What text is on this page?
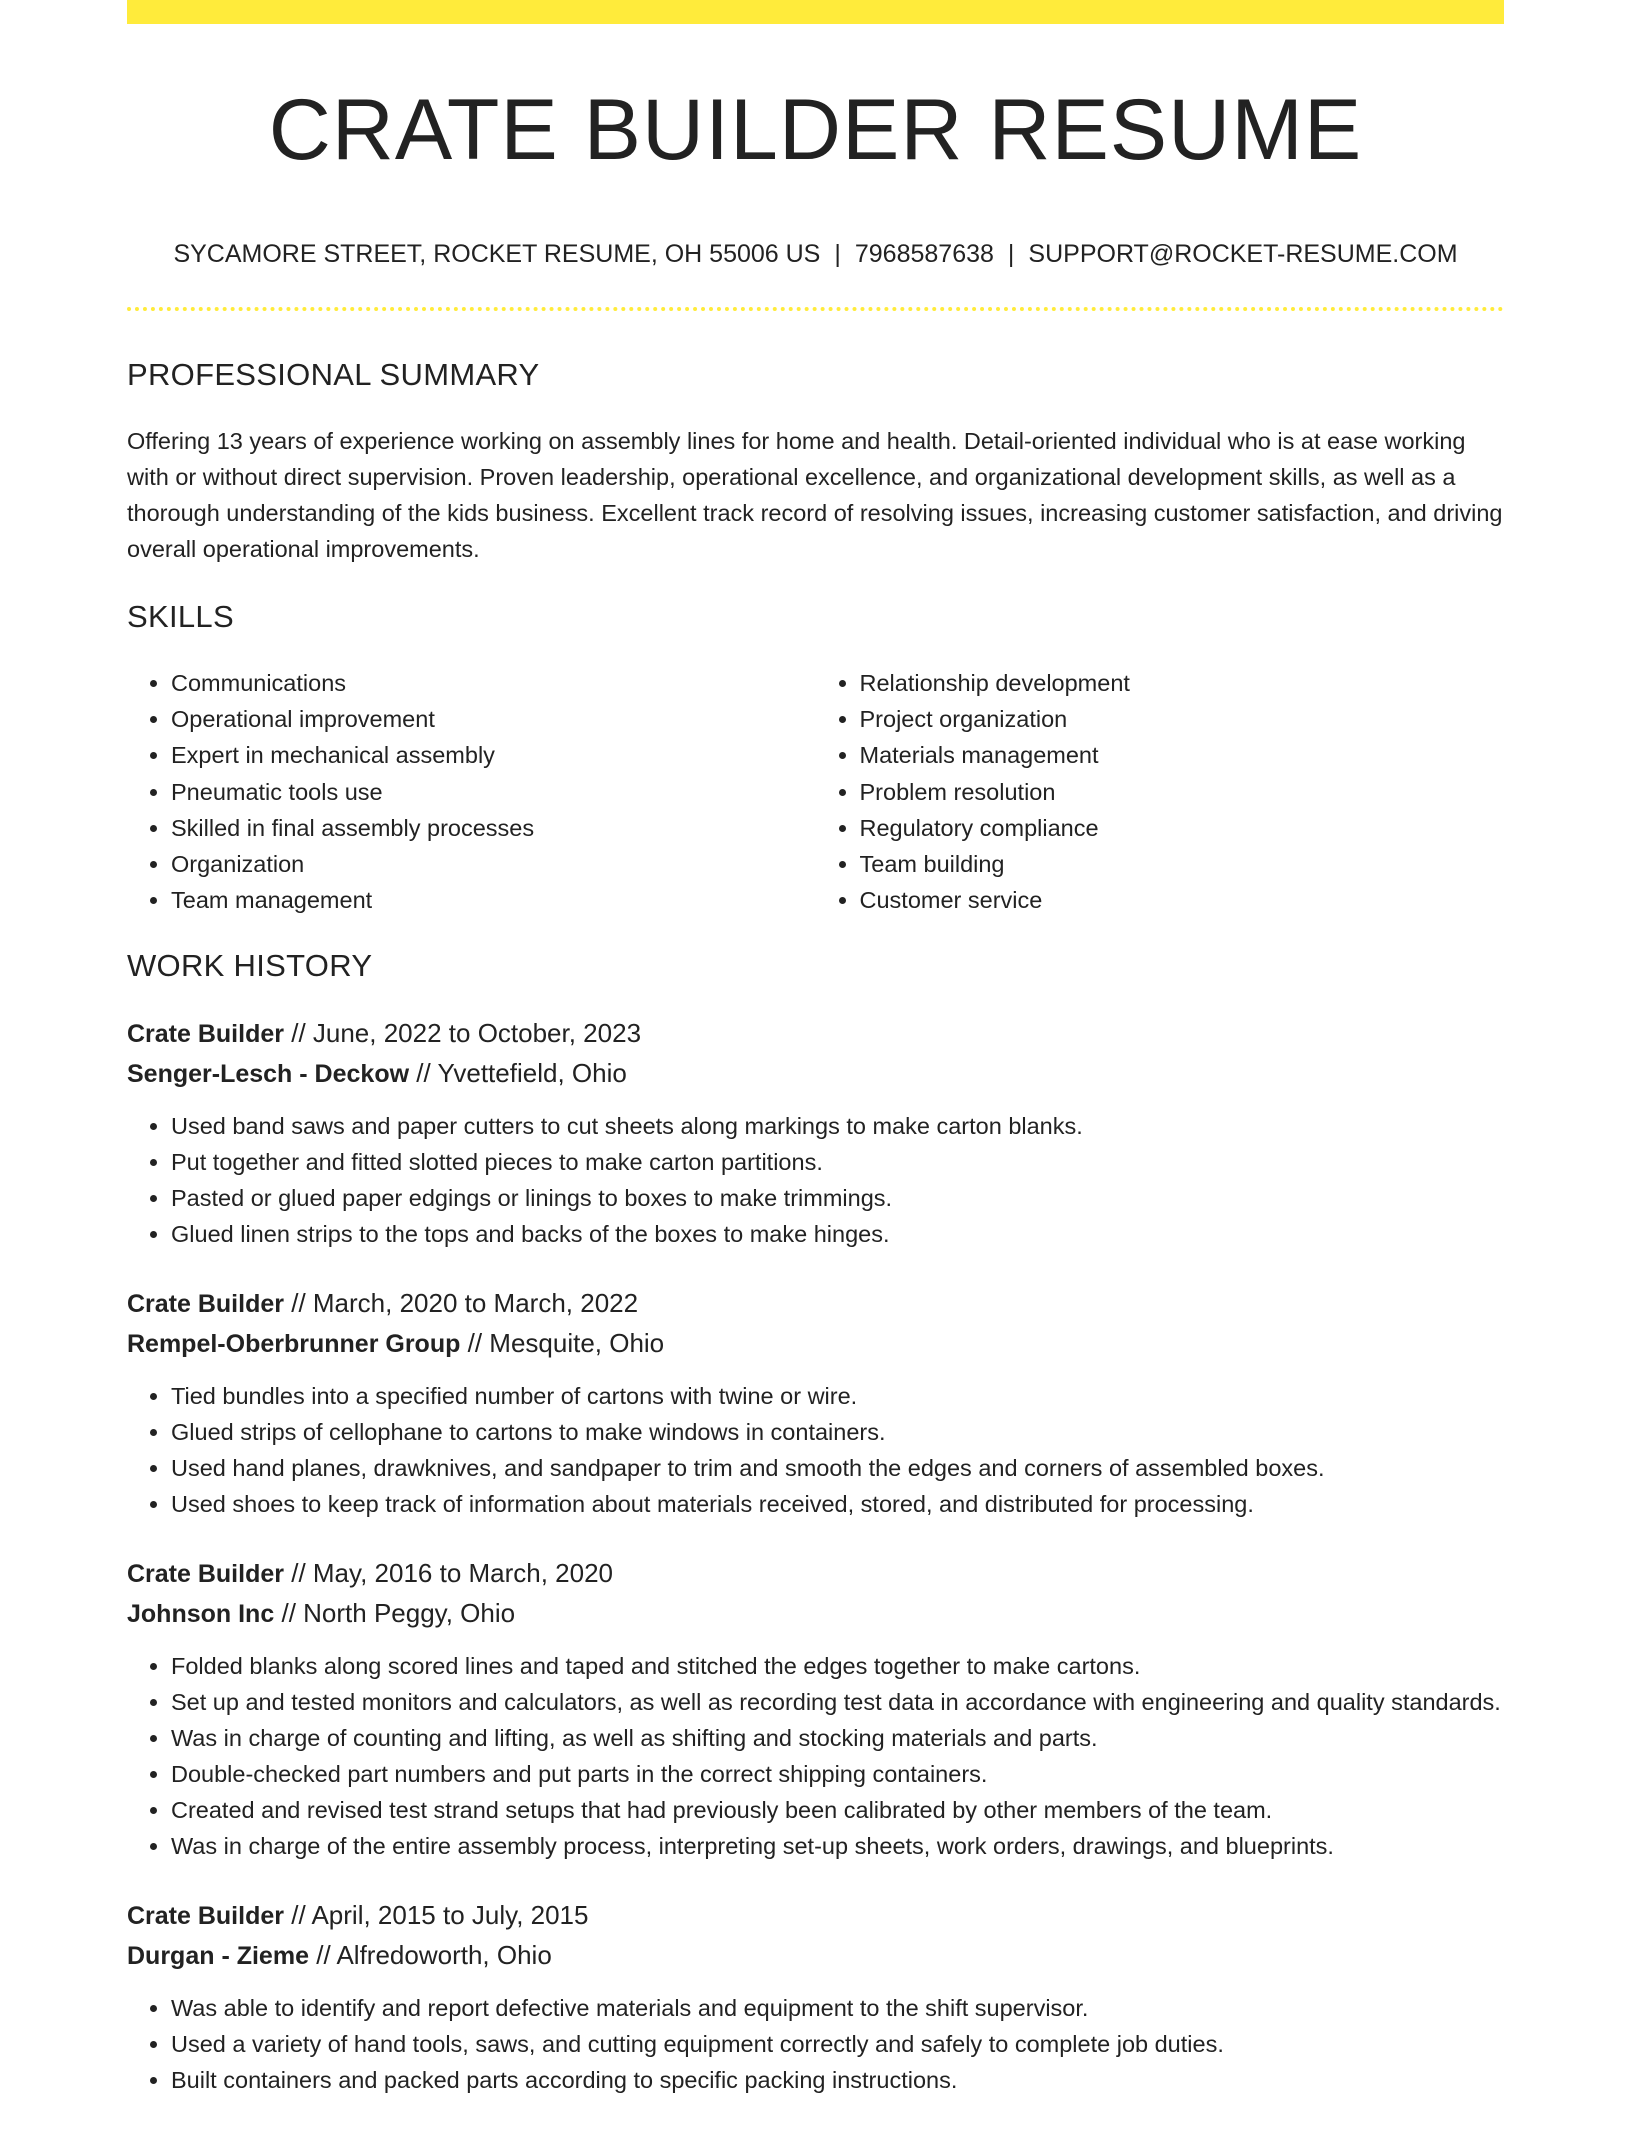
CRATE BUILDER RESUME
SYCAMORE STREET, ROCKET RESUME, OH 55006 US | 7968587638 | SUPPORT@ROCKET-RESUME.COM
PROFESSIONAL SUMMARY

Offering 13 years of experience working on assembly lines for home and health. Detail-oriented individual who is at ease working with or without direct supervision. Proven leadership, operational excellence, and organizational development skills, as well as a thorough understanding of the kids business. Excellent track record of resolving issues, increasing customer satisfaction, and driving overall operational improvements.

SKILLS
• Communications
• Operational improvement
• Expert in mechanical assembly
• Pneumatic tools use
• Skilled in final assembly processes
• Organization
• Team management
• Relationship development
• Project organization
• Materials management
• Problem resolution
• Regulatory compliance
• Team building
• Customer service
WORK HISTORY
Crate Builder // June, 2022 to October, 2023
Senger-Lesch - Deckow // Yvettefield, Ohio
• Used band saws and paper cutters to cut sheets along markings to make carton blanks.
• Put together and fitted slotted pieces to make carton partitions.
• Pasted or glued paper edgings or linings to boxes to make trimmings.
• Glued linen strips to the tops and backs of the boxes to make hinges.
Crate Builder // March, 2020 to March, 2022
Rempel-Oberbrunner Group // Mesquite, Ohio
• Tied bundles into a specified number of cartons with twine or wire.
• Glued strips of cellophane to cartons to make windows in containers.
• Used hand planes, drawknives, and sandpaper to trim and smooth the edges and corners of assembled boxes.
• Used shoes to keep track of information about materials received, stored, and distributed for processing.
Crate Builder // May, 2016 to March, 2020
Johnson Inc // North Peggy, Ohio
• Folded blanks along scored lines and taped and stitched the edges together to make cartons.
• Set up and tested monitors and calculators, as well as recording test data in accordance with engineering and quality standards.
• Was in charge of counting and lifting, as well as shifting and stocking materials and parts.
• Double-checked part numbers and put parts in the correct shipping containers.
• Created and revised test strand setups that had previously been calibrated by other members of the team.
• Was in charge of the entire assembly process, interpreting set-up sheets, work orders, drawings, and blueprints.
Crate Builder // April, 2015 to July, 2015
Durgan - Zieme // Alfredoworth, Ohio
• Was able to identify and report defective materials and equipment to the shift supervisor.
• Used a variety of hand tools, saws, and cutting equipment correctly and safely to complete job duties.
• Built containers and packed parts according to specific packing instructions.
